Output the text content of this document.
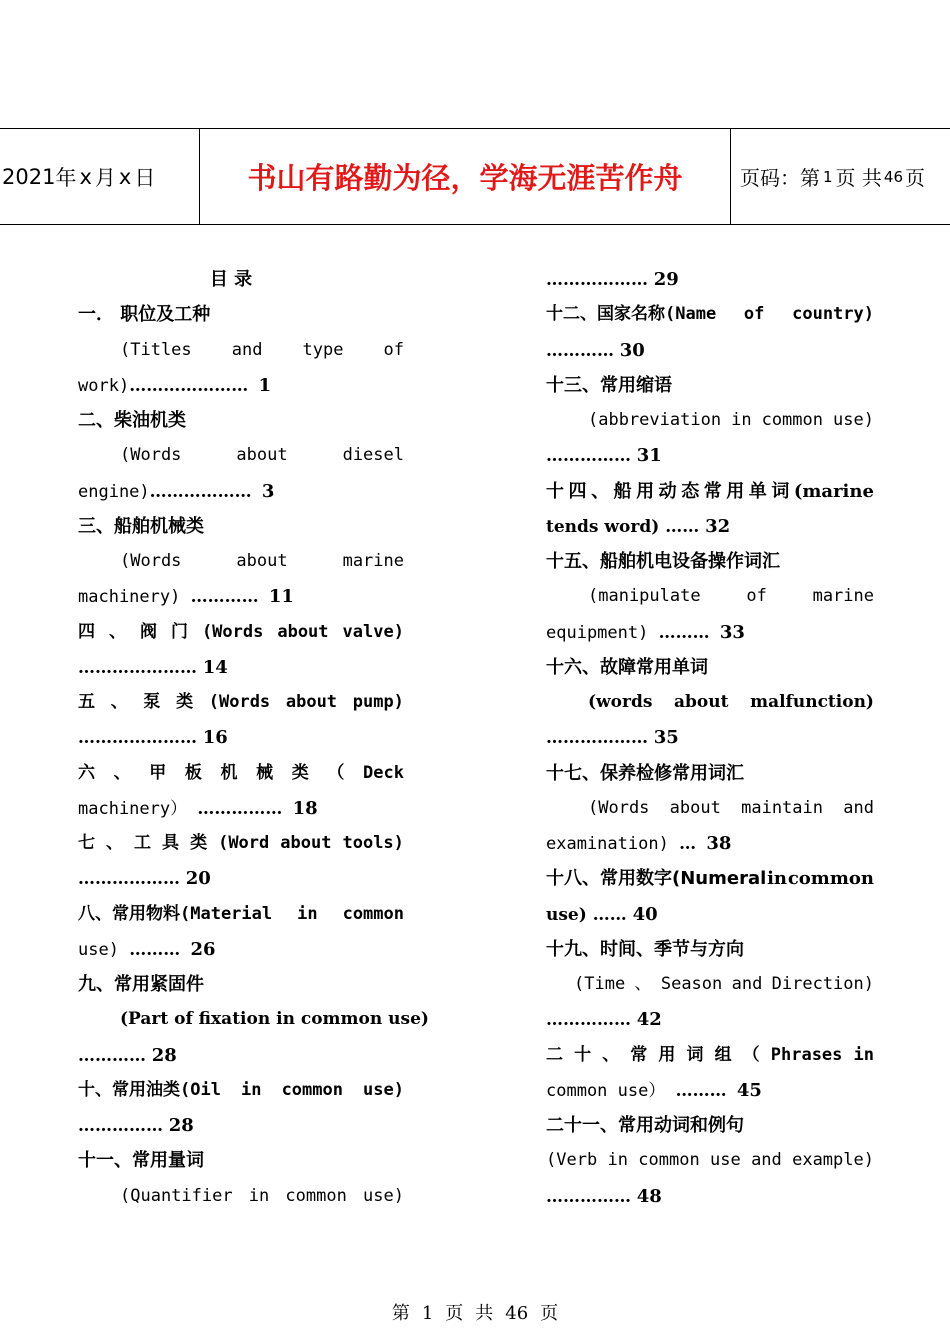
2021 年 x 月 x 日	书山有路勤为径，学海无涯苦作舟	页码：第 1 页 共 46 页
目 录
一． 职位及工种
(Titles and type of
work)………………… 1
二、柴油机类
(Words	about	diesel
engine)……………… 3
三、船舶机械类
(Words	about	marine
machinery) ………… 11
四 、 阀 门 (Words about valve)
………………… 14
五 、 泵 类 (Words about pump)
………………… 16
六 、 甲 板 机 械 类 （ Deck
machinery） …………… 18
七 、 工 具 类 (Word about tools)
……………… 20
八、常用物料(Material in common
use) ……… 26
九、常用紧固件
(Part of fixation in common use)
………… 28
十、常用油类(Oil in common use)
…………… 28
十一、常用量词
(Quantifier in common use)
……………… 29
十二、国家名称(Name of country)
………… 30
十三、常用缩语
(abbreviation in common use)
…………… 31
十 四 、 船 用 动 态 常 用 单 词 (marine
tends word) …… 32
十五、船舶机电设备操作词汇
(manipulate	of	marine
equipment) ……… 33
十六、故障常用单词
(words about malfunction)
……………… 35
十七、保养检修常用词汇
(Words about maintain and
examination) … 38
十八、常用数字(Numeral in common
use) …… 40
十九、时间、季节与方向
(Time 、 Season and Direction)
…………… 42
二 十 、 常 用 词 组 （ Phrases in
common use） ……… 45
二十一、常用动词和例句
(Verb in common use and example)
…………… 48
第 1 页 共 46 页
